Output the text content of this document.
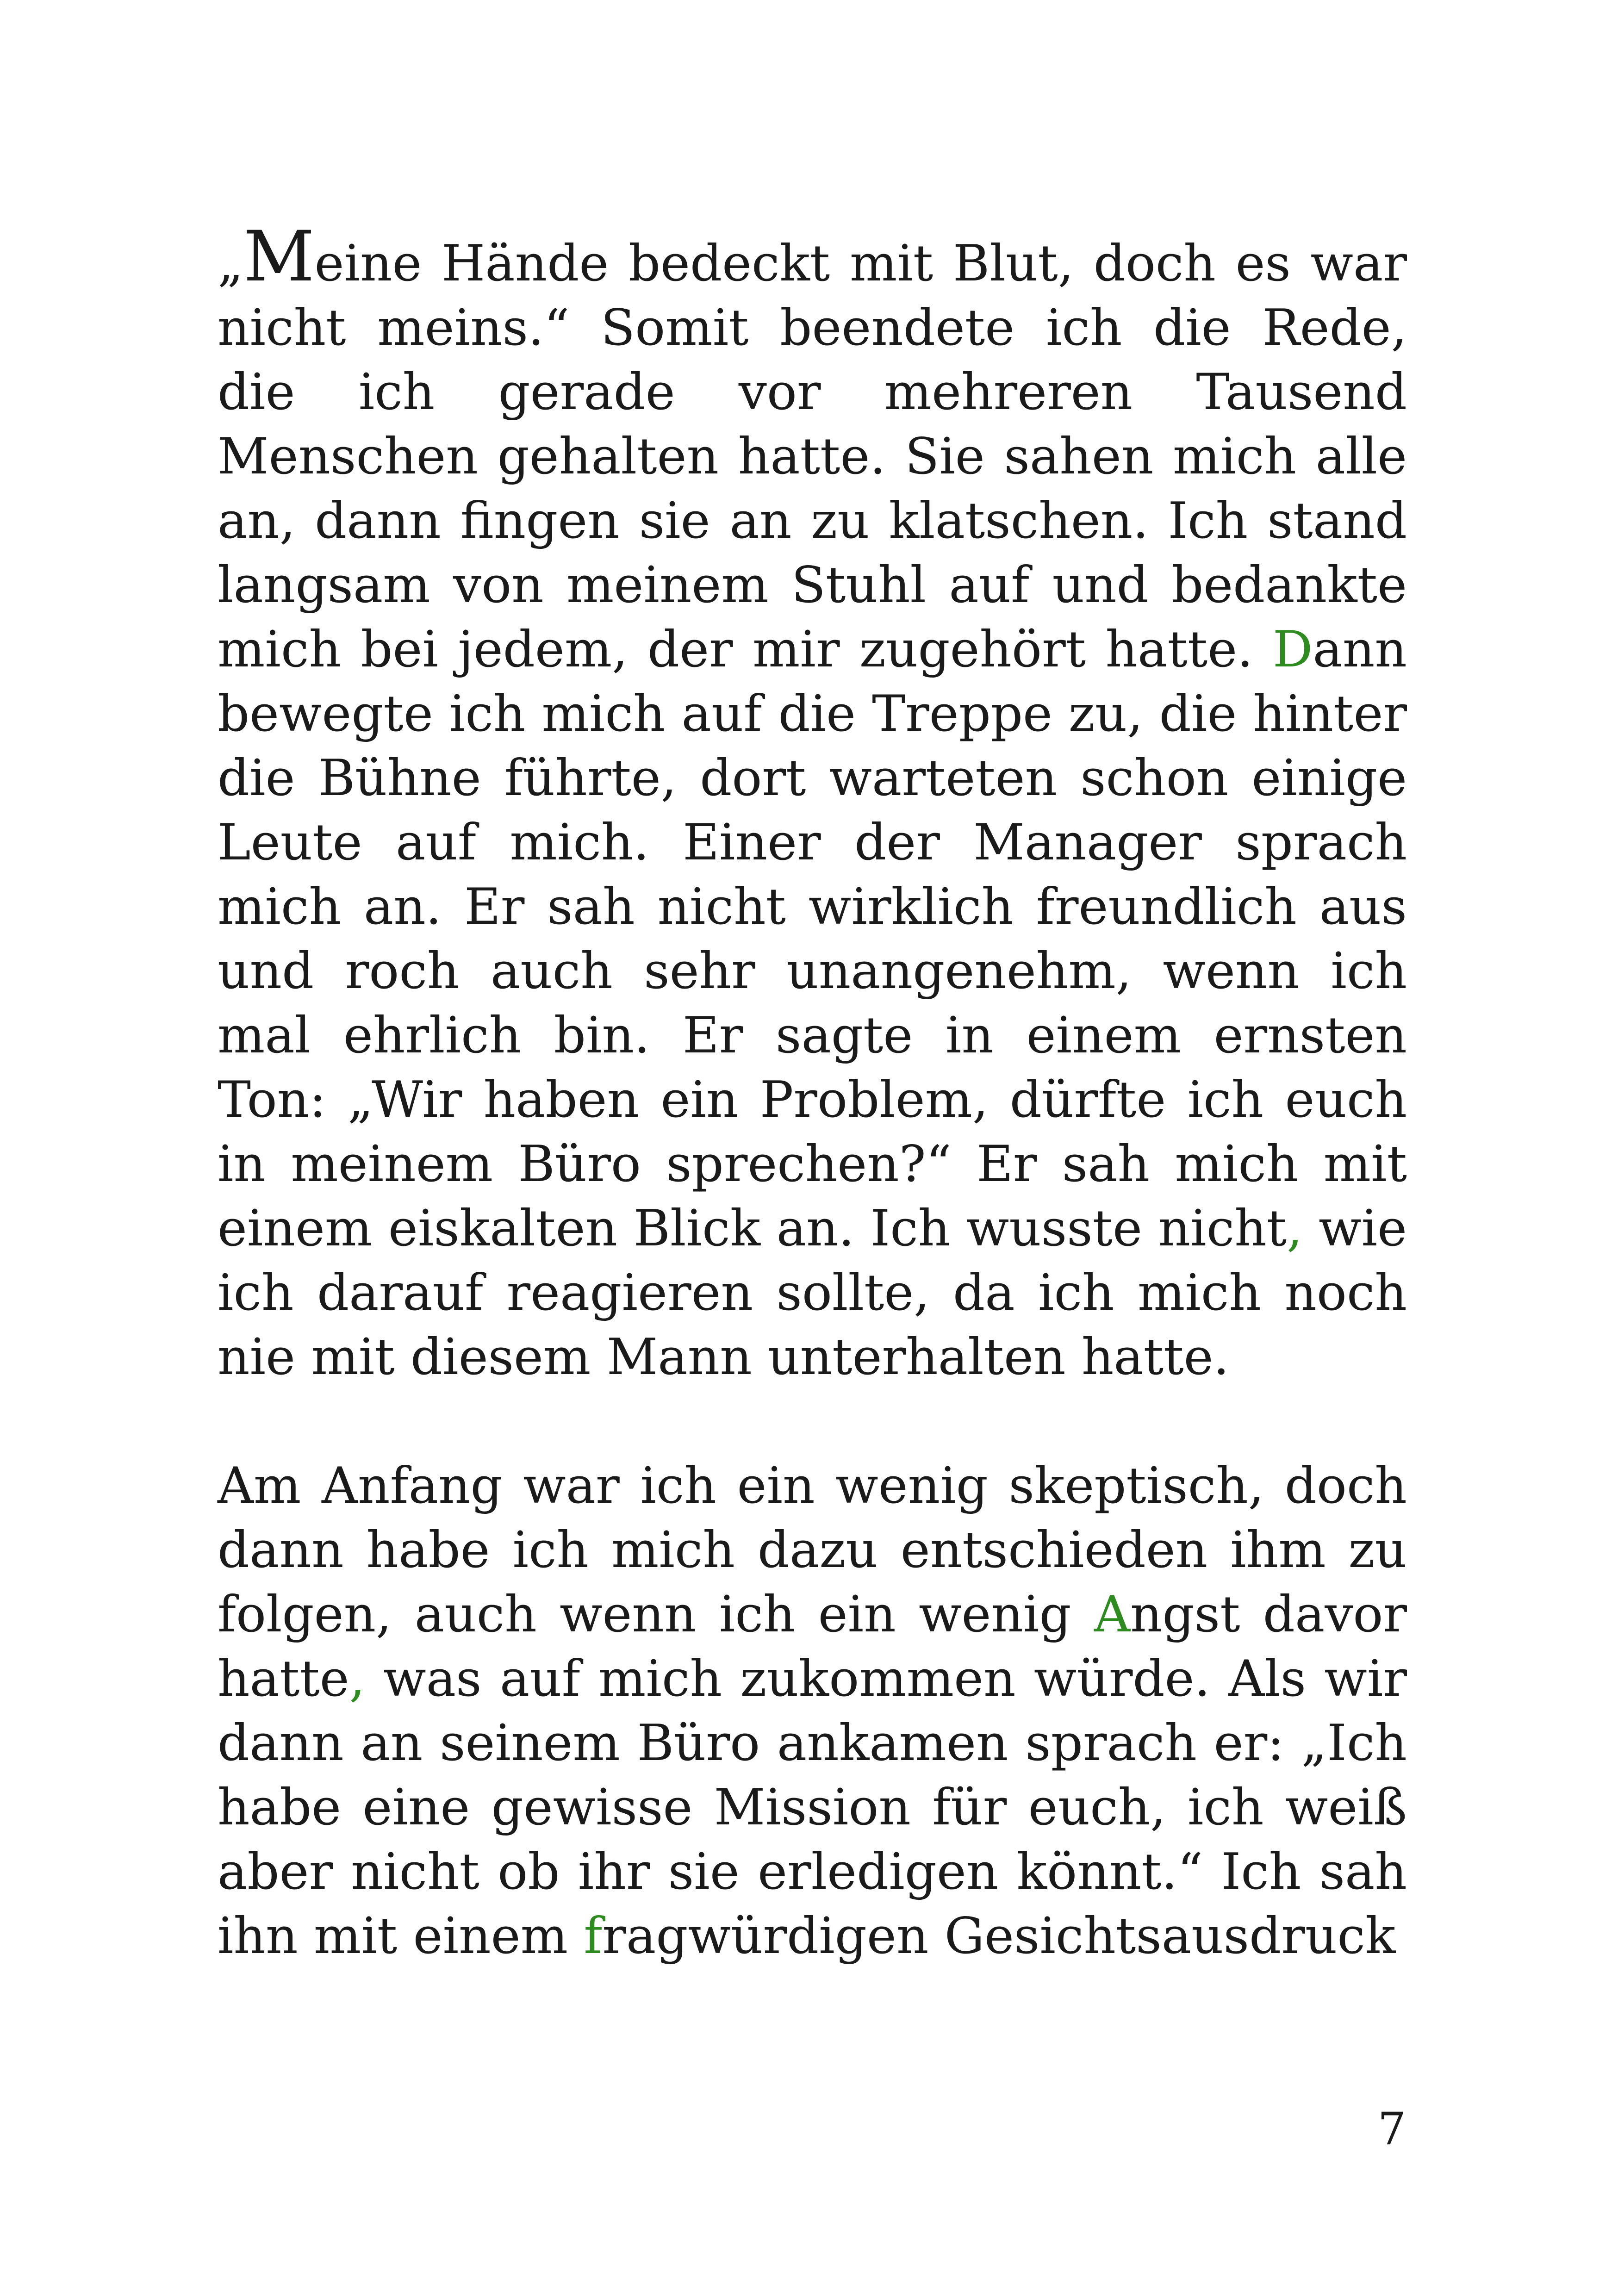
„Meine Hände bedeckt mit Blut, doch es war nicht meins.“ Somit beendete ich die Rede, die ich gerade vor mehreren Tausend Menschen gehalten hatte. Sie sahen mich alle an, dann fingen sie an zu klatschen. Ich stand langsam von meinem Stuhl auf und bedankte mich bei jedem, der mir zugehört hatte. Dann bewegte ich mich auf die Treppe zu, die hinter die Bühne führte, dort warteten schon einige Leute auf mich. Einer der Manager sprach mich an. Er sah nicht wirklich freundlich aus und roch auch sehr unangenehm, wenn ich mal ehrlich bin. Er sagte in einem ernsten Ton: „Wir haben ein Problem, dürfte ich euch in meinem Büro sprechen?“ Er sah mich mit einem eiskalten Blick an. Ich wusste nicht, wie ich darauf reagieren sollte, da ich mich noch nie mit diesem Mann unterhalten hatte.

Am Anfang war ich ein wenig skeptisch, doch dann habe ich mich dazu entschieden ihm zu folgen, auch wenn ich ein wenig Angst davor hatte, was auf mich zukommen würde. Als wir dann an seinem Büro ankamen sprach er: „Ich habe eine gewisse Mission für euch, ich weiß aber nicht ob ihr sie erledigen könnt.“ Ich sah ihn mit einem fragwürdigen Gesichtsausdruck

7
